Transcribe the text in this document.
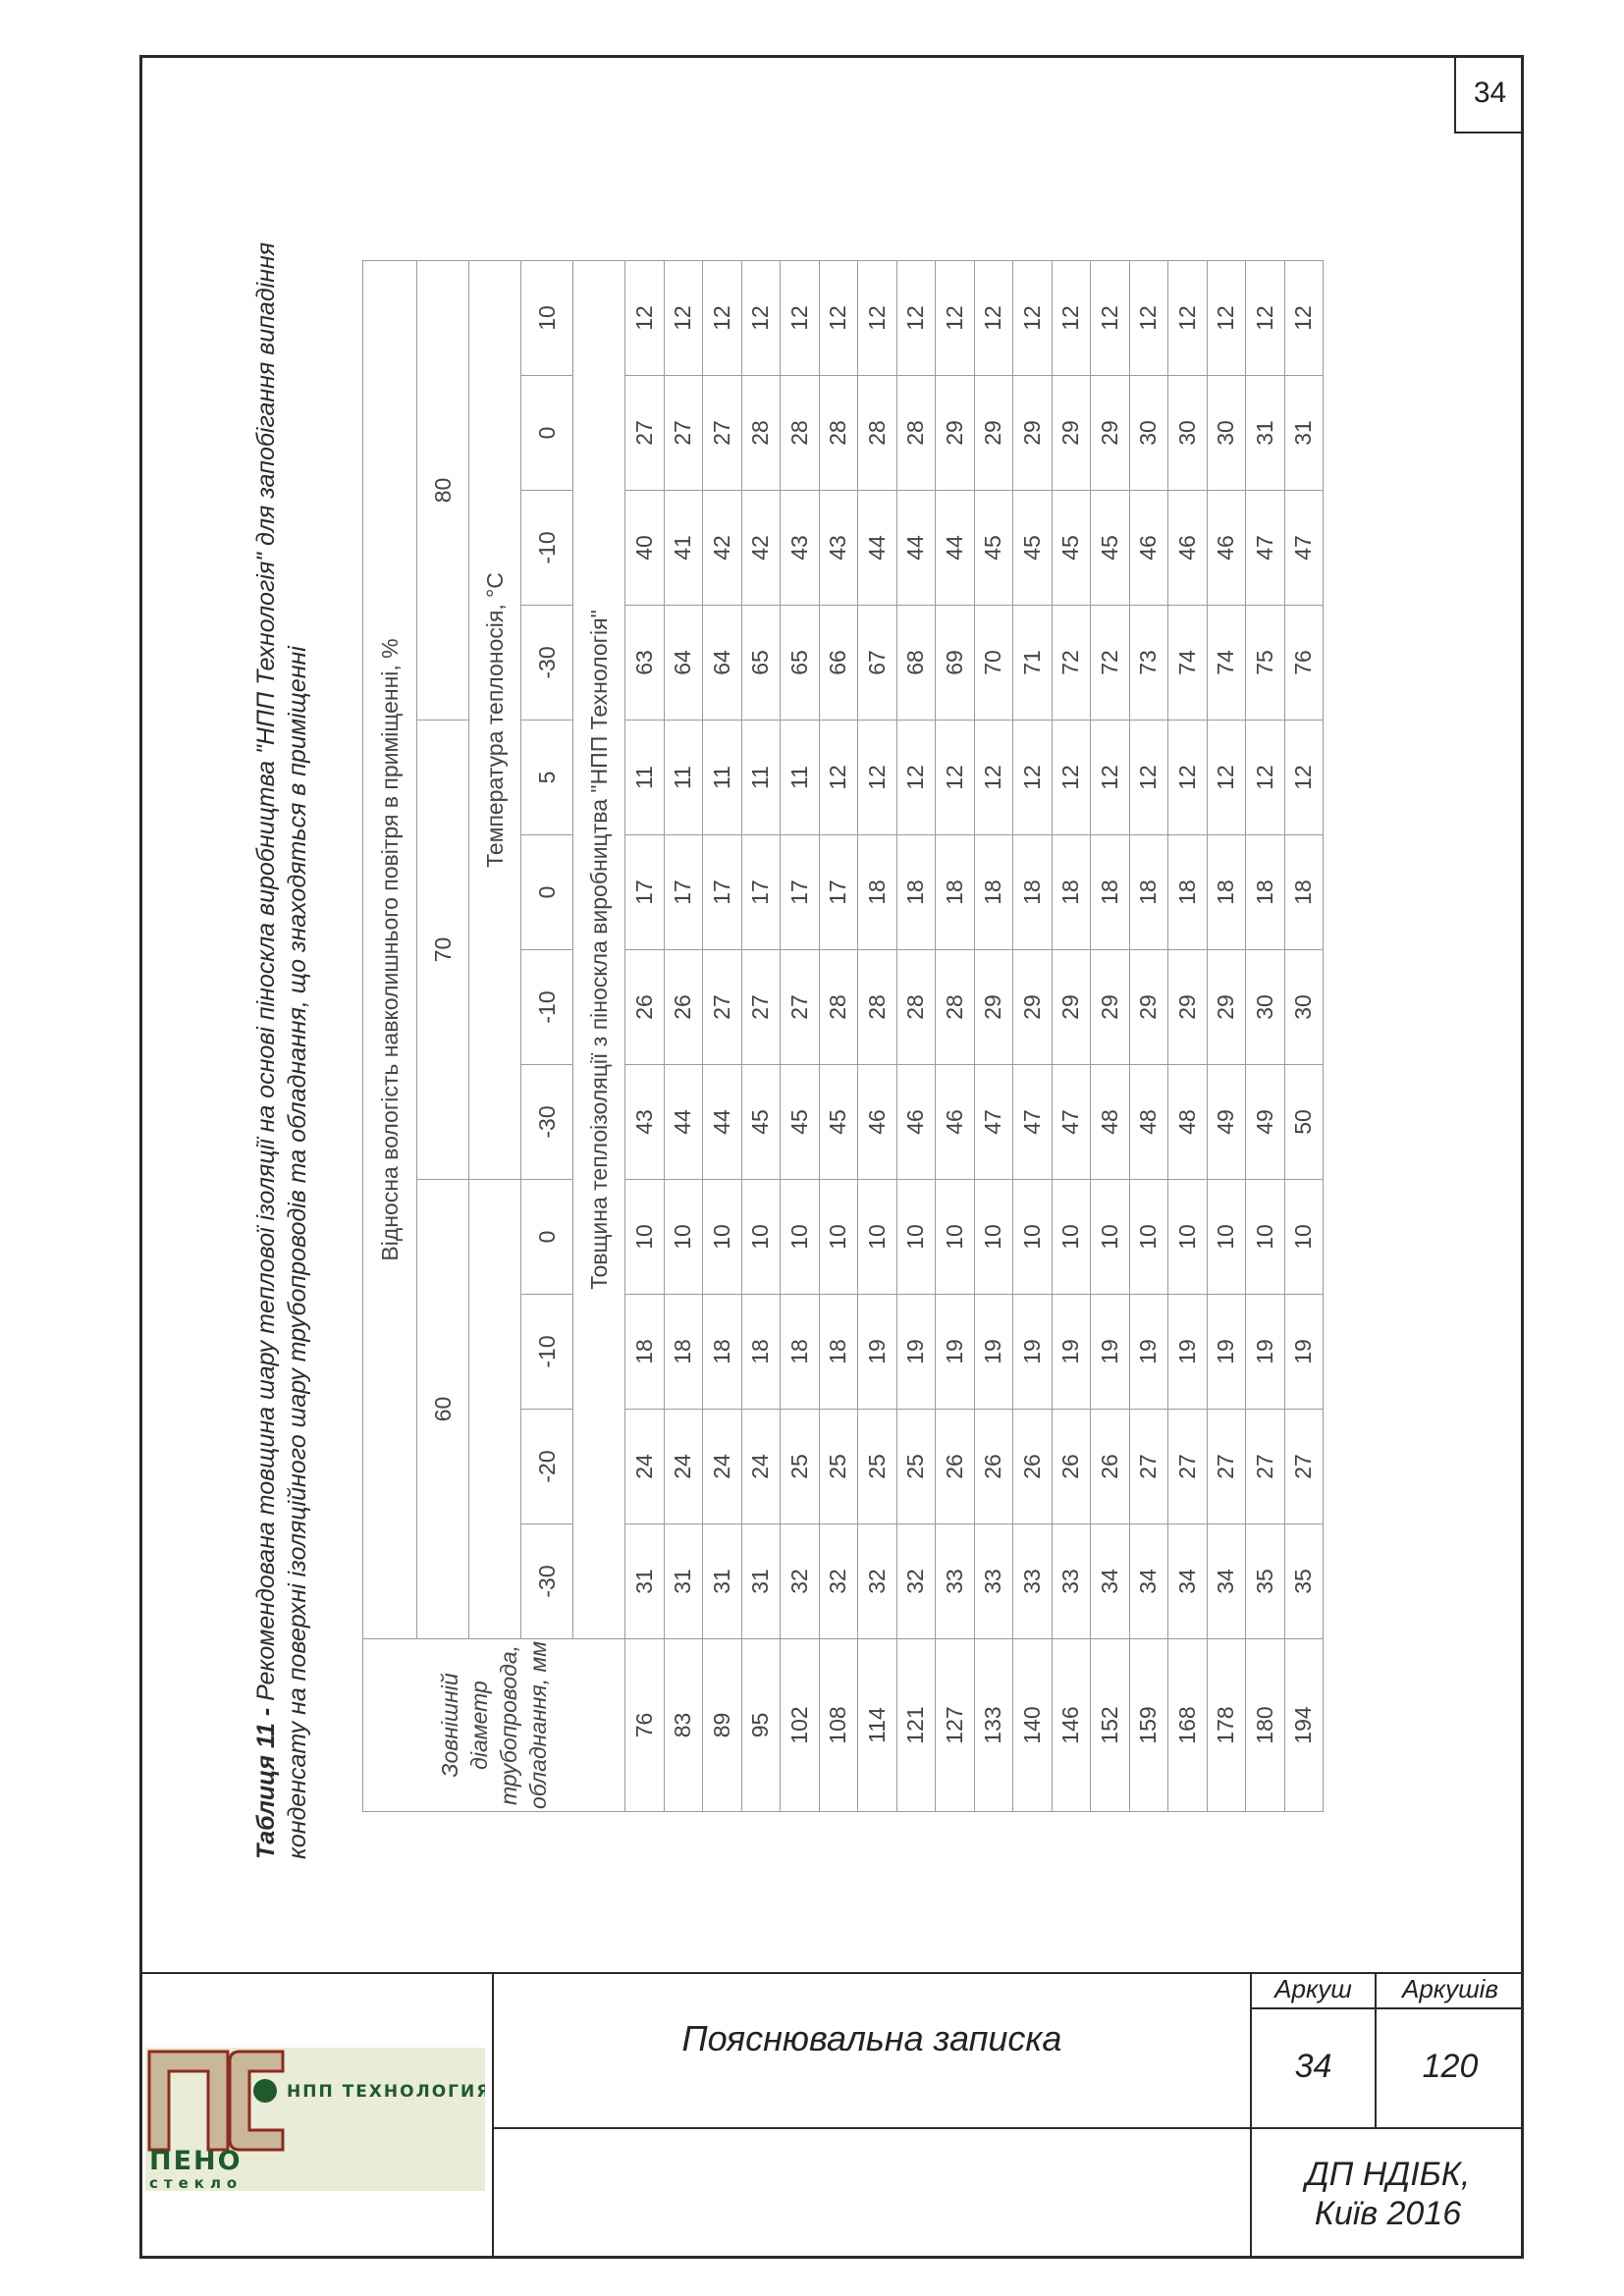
34
Таблиця 11 - Рекомендована товщина шару теплової ізоляції на основі піноскла виробництва "НПП Технологія" для запобігання випадіння конденсату на поверхні ізоляційного шару трубопроводів та обладнання, що знаходяться в приміщенні	Зовнішній діаметр трубопровода, обладнання, мм	Відносна вологість навколишнього повітря в приміщенні, %											
	60				70				80			
					Температура теплоносія, °С							
	-30	-20	-10	0	-30	-10	0	5	-30	-10	0	10
	Товщина теплоізоляції з піноскла виробництва "НПП Технологія"											
76	31	24	18	10	43	26	17	11	63	40	27	12
83	31	24	18	10	44	26	17	11	64	41	27	12
89	31	24	18	10	44	27	17	11	64	42	27	12
95	31	24	18	10	45	27	17	11	65	42	28	12
102	32	25	18	10	45	27	17	11	65	43	28	12
108	32	25	18	10	45	28	17	12	66	43	28	12
114	32	25	19	10	46	28	18	12	67	44	28	12
121	32	25	19	10	46	28	18	12	68	44	28	12
127	33	26	19	10	46	28	18	12	69	44	29	12
133	33	26	19	10	47	29	18	12	70	45	29	12
140	33	26	19	10	47	29	18	12	71	45	29	12
146	33	26	19	10	47	29	18	12	72	45	29	12
152	34	26	19	10	48	29	18	12	72	45	29	12
159	34	27	19	10	48	29	18	12	73	46	30	12
168	34	27	19	10	48	29	18	12	74	46	30	12
178	34	27	19	10	49	29	18	12	74	46	30	12
180	35	27	19	10	49	30	18	12	75	47	31	12
194	35	27	19	10	50	30	18	12	76	47	31	12
Пояснювальна записка
Аркуш	Аркушів
34	120
ДП НДІБК,
Київ 2016
НПП ТЕХНОЛОГИЯ
ПЕНО
стекло
